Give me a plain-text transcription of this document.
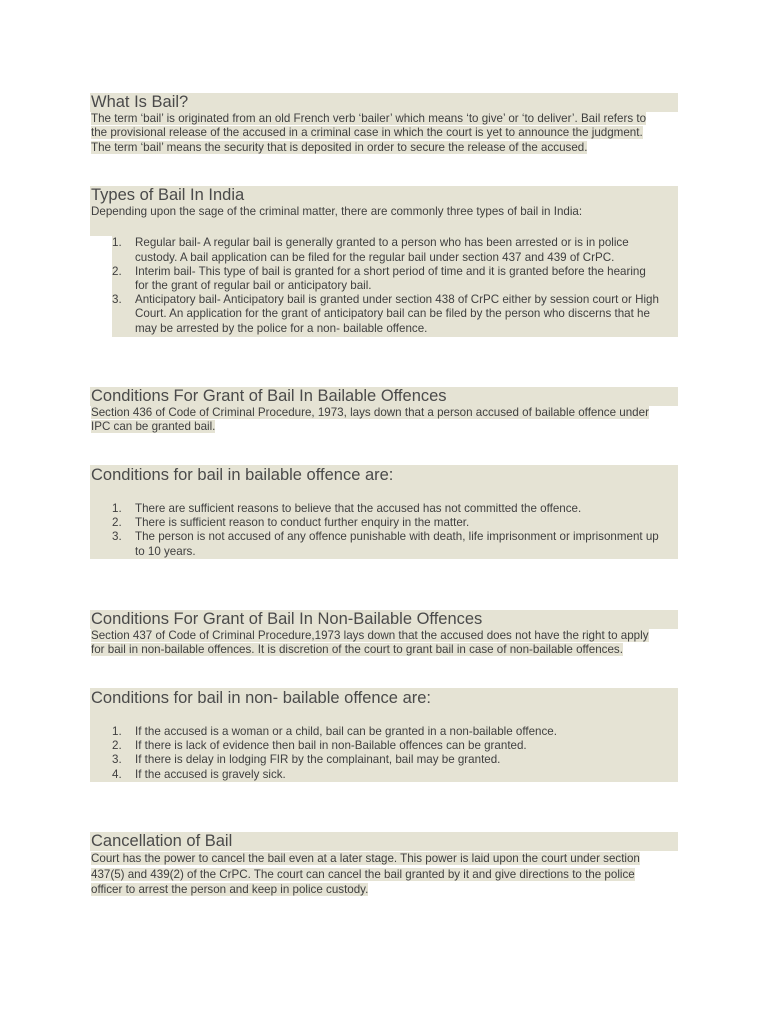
What Is Bail?
The term ‘bail’ is originated from an old French verb ‘bailer’ which means ‘to give’ or ‘to deliver’. Bail refers to
the provisional release of the accused in a criminal case in which the court is yet to announce the judgment.
The term ‘bail’ means the security that is deposited in order to secure the release of the accused.
Types of Bail In India
Depending upon the sage of the criminal matter, there are commonly three types of bail in India:
1. Regular bail- A regular bail is generally granted to a person who has been arrested or is in police
custody. A bail application can be filed for the regular bail under section 437 and 439 of CrPC.
2. Interim bail- This type of bail is granted for a short period of time and it is granted before the hearing
for the grant of regular bail or anticipatory bail.
3. Anticipatory bail- Anticipatory bail is granted under section 438 of CrPC either by session court or High
Court. An application for the grant of anticipatory bail can be filed by the person who discerns that he
may be arrested by the police for a non- bailable offence.
Conditions For Grant of Bail In Bailable Offences
Section 436 of Code of Criminal Procedure, 1973, lays down that a person accused of bailable offence under
IPC can be granted bail.
Conditions for bail in bailable offence are:
1. There are sufficient reasons to believe that the accused has not committed the offence.
2. There is sufficient reason to conduct further enquiry in the matter.
3. The person is not accused of any offence punishable with death, life imprisonment or imprisonment up
to 10 years.
Conditions For Grant of Bail In Non-Bailable Offences
Section 437 of Code of Criminal Procedure,1973 lays down that the accused does not have the right to apply
for bail in non-bailable offences. It is discretion of the court to grant bail in case of non-bailable offences.
Conditions for bail in non- bailable offence are:
1. If the accused is a woman or a child, bail can be granted in a non-bailable offence.
2. If there is lack of evidence then bail in non-Bailable offences can be granted.
3. If there is delay in lodging FIR by the complainant, bail may be granted.
4. If the accused is gravely sick.
Cancellation of Bail
Court has the power to cancel the bail even at a later stage. This power is laid upon the court under section
437(5) and 439(2) of the CrPC. The court can cancel the bail granted by it and give directions to the police
officer to arrest the person and keep in police custody.
